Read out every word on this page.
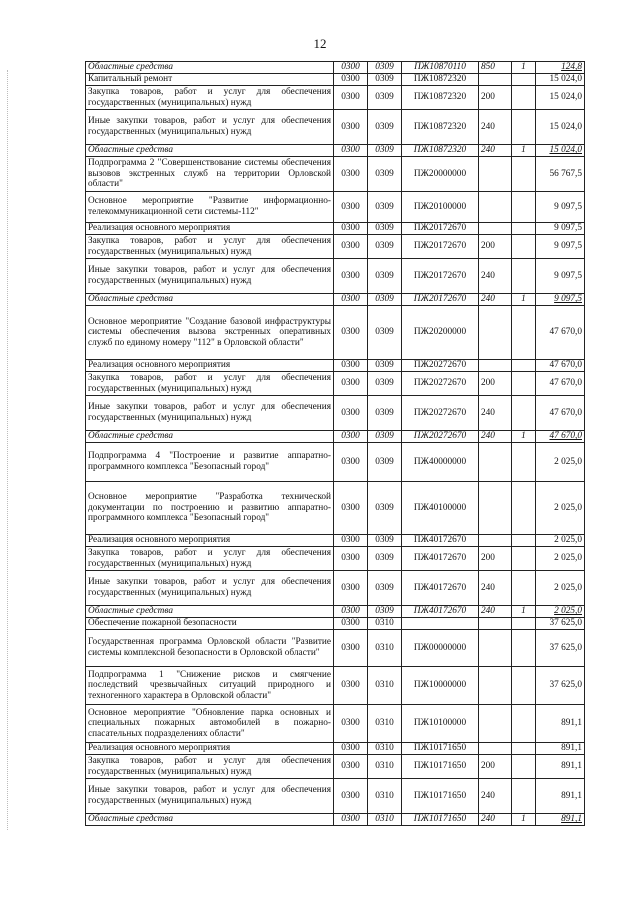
12
Областные средства	0300	0309	ПЖ10870110	850	1	124,8
Капитальный ремонт	0300	0309	ПЖ10872320			15 024,0
Закупка товаров, работ и услуг для обеспечения государственных (муниципальных) нужд	0300	0309	ПЖ10872320	200		15 024,0
Иные закупки товаров, работ и услуг для обеспечения государственных (муниципальных) нужд	0300	0309	ПЖ10872320	240		15 024,0
Областные средства	0300	0309	ПЖ10872320	240	1	15 024,0
Подпрограмма 2 "Совершенствование системы обеспечения вызовов экстренных служб на территории Орловской области"	0300	0309	ПЖ20000000			56 767,5
Основное мероприятие "Развитие информационно-телекоммуникационной сети системы-112"	0300	0309	ПЖ20100000			9 097,5
Реализация основного мероприятия	0300	0309	ПЖ20172670			9 097,5
Закупка товаров, работ и услуг для обеспечения государственных (муниципальных) нужд	0300	0309	ПЖ20172670	200		9 097,5
Иные закупки товаров, работ и услуг для обеспечения государственных (муниципальных) нужд	0300	0309	ПЖ20172670	240		9 097,5
Областные средства	0300	0309	ПЖ20172670	240	1	9 097,5
Основное мероприятие "Создание базовой инфраструктуры системы обеспечения вызова экстренных оперативных служб по единому номеру "112" в Орловской области"	0300	0309	ПЖ20200000			47 670,0
Реализация основного мероприятия	0300	0309	ПЖ20272670			47 670,0
Закупка товаров, работ и услуг для обеспечения государственных (муниципальных) нужд	0300	0309	ПЖ20272670	200		47 670,0
Иные закупки товаров, работ и услуг для обеспечения государственных (муниципальных) нужд	0300	0309	ПЖ20272670	240		47 670,0
Областные средства	0300	0309	ПЖ20272670	240	1	47 670,0
Подпрограмма 4 "Построение и развитие аппаратно-программного комплекса "Безопасный город"	0300	0309	ПЖ40000000			2 025,0
Основное мероприятие "Разработка технической документации по построению и развитию аппаратно-программного комплекса "Безопасный город"	0300	0309	ПЖ40100000			2 025,0
Реализация основного мероприятия	0300	0309	ПЖ40172670			2 025,0
Закупка товаров, работ и услуг для обеспечения государственных (муниципальных) нужд	0300	0309	ПЖ40172670	200		2 025,0
Иные закупки товаров, работ и услуг для обеспечения государственных (муниципальных) нужд	0300	0309	ПЖ40172670	240		2 025,0
Областные средства	0300	0309	ПЖ40172670	240	1	2 025,0
Обеспечение пожарной безопасности	0300	0310				37 625,0
Государственная программа Орловской области "Развитие системы комплексной безопасности в Орловской области"	0300	0310	ПЖ00000000			37 625,0
Подпрограмма 1 "Снижение рисков и смягчение последствий чрезвычайных ситуаций природного и техногенного характера в Орловской области"	0300	0310	ПЖ10000000			37 625,0
Основное мероприятие "Обновление парка основных и специальных пожарных автомобилей в пожарно-спасательных подразделениях области"	0300	0310	ПЖ10100000			891,1
Реализация основного мероприятия	0300	0310	ПЖ10171650			891,1
Закупка товаров, работ и услуг для обеспечения государственных (муниципальных) нужд	0300	0310	ПЖ10171650	200		891,1
Иные закупки товаров, работ и услуг для обеспечения государственных (муниципальных) нужд	0300	0310	ПЖ10171650	240		891,1
Областные средства	0300	0310	ПЖ10171650	240	1	891,1
